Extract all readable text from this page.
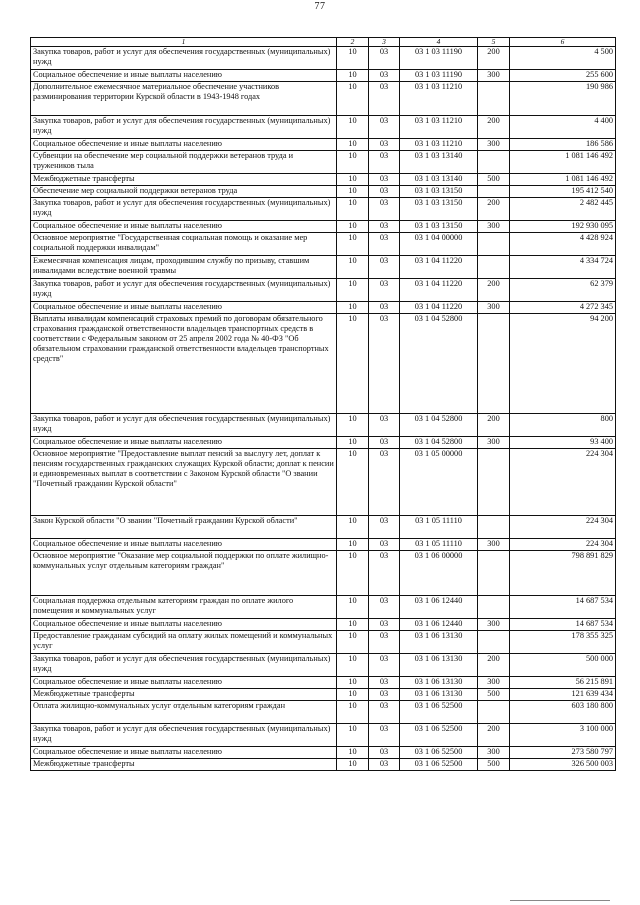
77
1	2	3	4	5	6
Закупка товаров, работ и услуг для обеспечения государственных (муниципальных) нужд	10	03	03 1 03 11190	200	4 500
Социальное обеспечение и иные выплаты населению	10	03	03 1 03 11190	300	255 600
Дополнительное ежемесячное материальное обеспечение участников разминирования территории Курской области в 1943-1948 годах	10	03	03 1 03 11210		190 986
Закупка товаров, работ и услуг для обеспечения государственных (муниципальных) нужд	10	03	03 1 03 11210	200	4 400
Социальное обеспечение и иные выплаты населению	10	03	03 1 03 11210	300	186 586
Субвенции на обеспечение мер социальной поддержки ветеранов труда и тружеников тыла	10	03	03 1 03 13140		1 081 146 492
Межбюджетные трансферты	10	03	03 1 03 13140	500	1 081 146 492
Обеспечение мер социальной поддержки ветеранов труда	10	03	03 1 03 13150		195 412 540
Закупка товаров, работ и услуг для обеспечения государственных (муниципальных) нужд	10	03	03 1 03 13150	200	2 482 445
Социальное обеспечение и иные выплаты населению	10	03	03 1 03 13150	300	192 930 095
Основное мероприятие "Государственная социальная помощь и оказание мер социальной поддержки инвалидам"	10	03	03 1 04 00000		4 428 924
Ежемесячная компенсация лицам, проходившим службу по призыву, ставшим инвалидами вследствие военной травмы	10	03	03 1 04 11220		4 334 724
Закупка товаров, работ и услуг для обеспечения государственных (муниципальных) нужд	10	03	03 1 04 11220	200	62 379
Социальное обеспечение и иные выплаты населению	10	03	03 1 04 11220	300	4 272 345
Выплаты инвалидам компенсаций страховых премий по договорам обязательного страхования гражданской ответственности владельцев транспортных средств в соответствии с Федеральным законом от 25 апреля 2002 года № 40-ФЗ "Об обязательном страховании гражданской ответственности владельцев транспортных средств"	10	03	03 1 04 52800		94 200
Закупка товаров, работ и услуг для обеспечения государственных (муниципальных) нужд	10	03	03 1 04 52800	200	800
Социальное обеспечение и иные выплаты населению	10	03	03 1 04 52800	300	93 400
Основное мероприятие "Предоставление выплат пенсий за выслугу лет, доплат к пенсиям государственных гражданских служащих Курской области; доплат к пенсии и единовременных выплат в соответствии с Законом Курской области "О звании "Почетный гражданин Курской области"	10	03	03 1 05 00000		224 304
Закон Курской области "О звании "Почетный гражданин Курской области"	10	03	03 1 05 11110		224 304
Социальное обеспечение и иные выплаты населению	10	03	03 1 05 11110	300	224 304
Основное мероприятие "Оказание мер социальной поддержки по оплате жилищно-коммунальных услуг отдельным категориям граждан"	10	03	03 1 06 00000		798 891 829
Социальная поддержка отдельным категориям граждан по оплате жилого помещения и коммунальных услуг	10	03	03 1 06 12440		14 687 534
Социальное обеспечение и иные выплаты населению	10	03	03 1 06 12440	300	14 687 534
Предоставление гражданам субсидий на оплату жилых помещений и коммунальных услуг	10	03	03 1 06 13130		178 355 325
Закупка товаров, работ и услуг для обеспечения государственных (муниципальных) нужд	10	03	03 1 06 13130	200	500 000
Социальное обеспечение и иные выплаты населению	10	03	03 1 06 13130	300	56 215 891
Межбюджетные трансферты	10	03	03 1 06 13130	500	121 639 434
Оплата жилищно-коммунальных услуг отдельным категориям граждан	10	03	03 1 06 52500		603 180 800
Закупка товаров, работ и услуг для обеспечения государственных (муниципальных) нужд	10	03	03 1 06 52500	200	3 100 000
Социальное обеспечение и иные выплаты населению	10	03	03 1 06 52500	300	273 580 797
Межбюджетные трансферты	10	03	03 1 06 52500	500	326 500 003
